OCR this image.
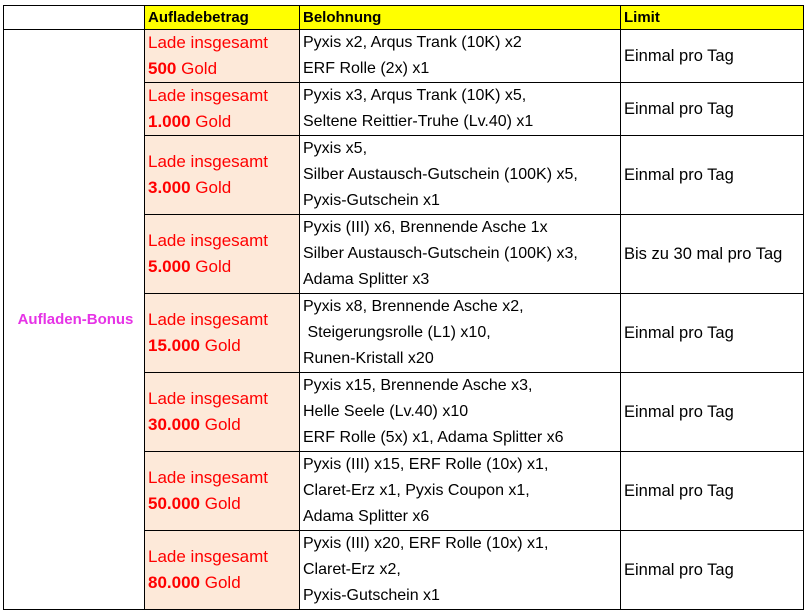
	Aufladebetrag	Belohnung	Limit
Aufladen-Bonus	Lade insgesamt
500 Gold	Pyxis x2, Arqus Trank (10K) x2
ERF Rolle (2x) x1	Einmal pro Tag

	Lade insgesamt
1.000 Gold	Pyxis x3, Arqus Trank (10K) x5,
Seltene Reittier-Truhe (Lv.40) x1	Einmal pro Tag

	Lade insgesamt
3.000 Gold	Pyxis x5,
Silber Austausch-Gutschein (100K) x5,
Pyxis-Gutschein x1	Einmal pro Tag

	Lade insgesamt
5.000 Gold	Pyxis (III) x6, Brennende Asche 1x
Silber Austausch-Gutschein (100K) x3,
Adama Splitter x3	Bis zu 30 mal pro Tag

	Lade insgesamt
15.000 Gold	Pyxis x8, Brennende Asche x2,
Steigerungsrolle (L1) x10,
Runen-Kristall x20	Einmal pro Tag

	Lade insgesamt
30.000 Gold	Pyxis x15, Brennende Asche x3,
Helle Seele (Lv.40) x10
ERF Rolle (5x) x1, Adama Splitter x6	Einmal pro Tag

	Lade insgesamt
50.000 Gold	Pyxis (III) x15, ERF Rolle (10x) x1,
Claret-Erz x1, Pyxis Coupon x1,
Adama Splitter x6	Einmal pro Tag

	Lade insgesamt
80.000 Gold	Pyxis (III) x20, ERF Rolle (10x) x1,
Claret-Erz x2,
Pyxis-Gutschein x1	Einmal pro Tag
